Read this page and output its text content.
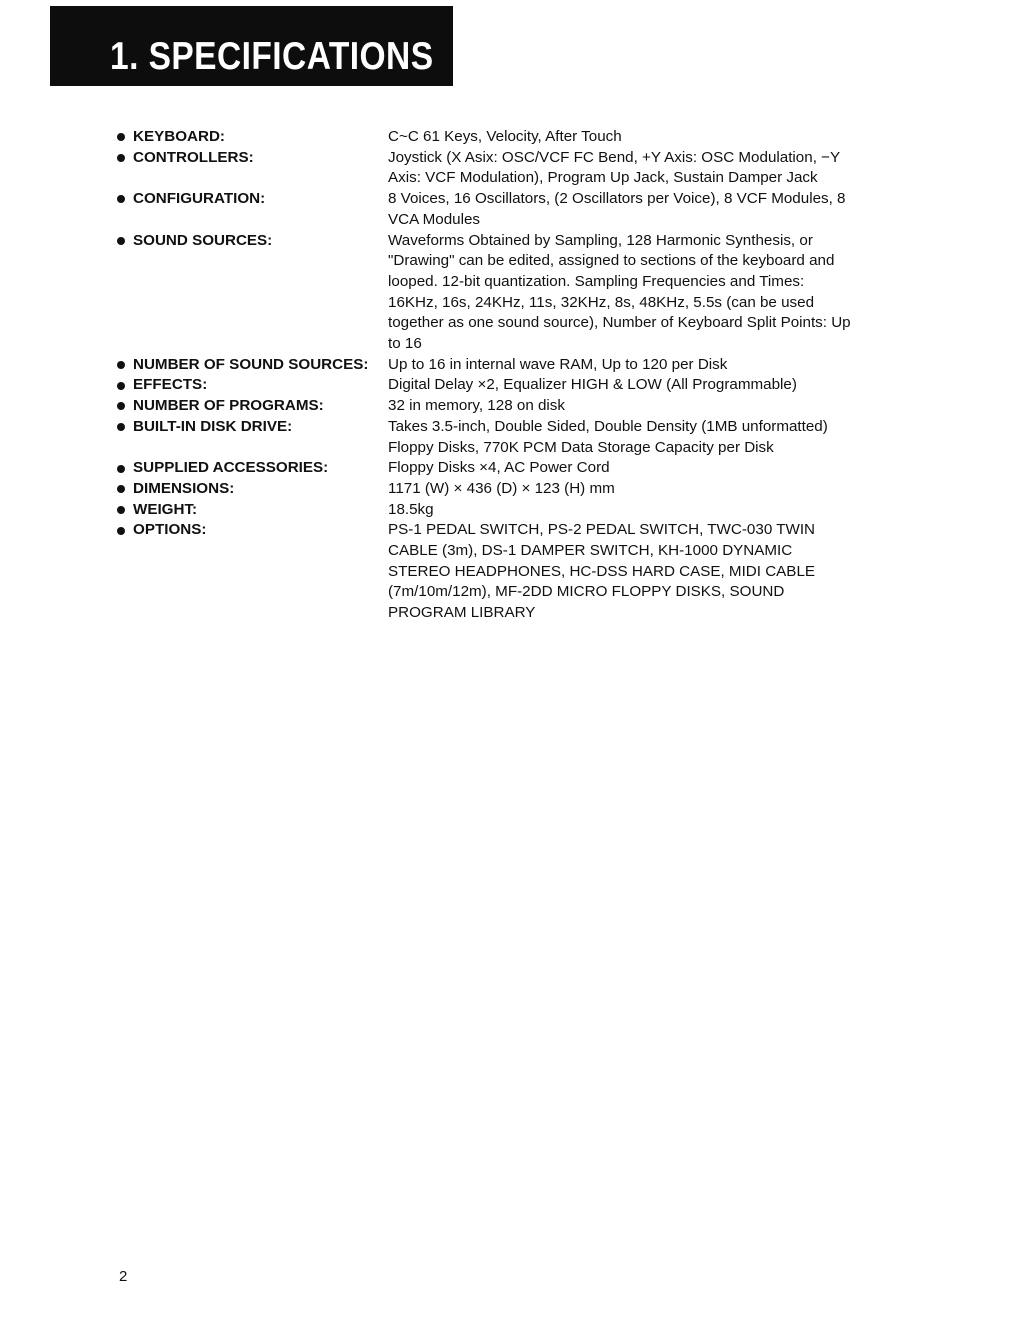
1. SPECIFICATIONS
KEYBOARD:	C~C 61 Keys, Velocity, After Touch
CONTROLLERS:	Joystick (X Asix: OSC/VCF FC Bend, +Y Axis: OSC Modulation, −Y Axis: VCF Modulation), Program Up Jack, Sustain Damper Jack
CONFIGURATION:	8 Voices, 16 Oscillators, (2 Oscillators per Voice), 8 VCF Modules, 8 VCA Modules
SOUND SOURCES:	Waveforms Obtained by Sampling, 128 Harmonic Synthesis, or "Drawing" can be edited, assigned to sections of the keyboard and looped. 12-bit quantization. Sampling Frequencies and Times: 16KHz, 16s, 24KHz, 11s, 32KHz, 8s, 48KHz, 5.5s (can be used together as one sound source), Number of Keyboard Split Points: Up to 16
NUMBER OF SOUND SOURCES: Up to 16 in internal wave RAM, Up to 120 per Disk
EFFECTS:	Digital Delay ×2, Equalizer HIGH & LOW (All Programmable)
NUMBER OF PROGRAMS:	32 in memory, 128 on disk
BUILT-IN DISK DRIVE:	Takes 3.5-inch, Double Sided, Double Density (1MB unformatted) Floppy Disks, 770K PCM Data Storage Capacity per Disk
SUPPLIED ACCESSORIES:	Floppy Disks ×4, AC Power Cord
DIMENSIONS:	1171 (W) × 436 (D) × 123 (H) mm
WEIGHT:	18.5kg
OPTIONS:	PS-1 PEDAL SWITCH, PS-2 PEDAL SWITCH, TWC-030 TWIN CABLE (3m), DS-1 DAMPER SWITCH, KH-1000 DYNAMIC STEREO HEADPHONES, HC-DSS HARD CASE, MIDI CABLE (7m/10m/12m), MF-2DD MICRO FLOPPY DISKS, SOUND PROGRAM LIBRARY
2
